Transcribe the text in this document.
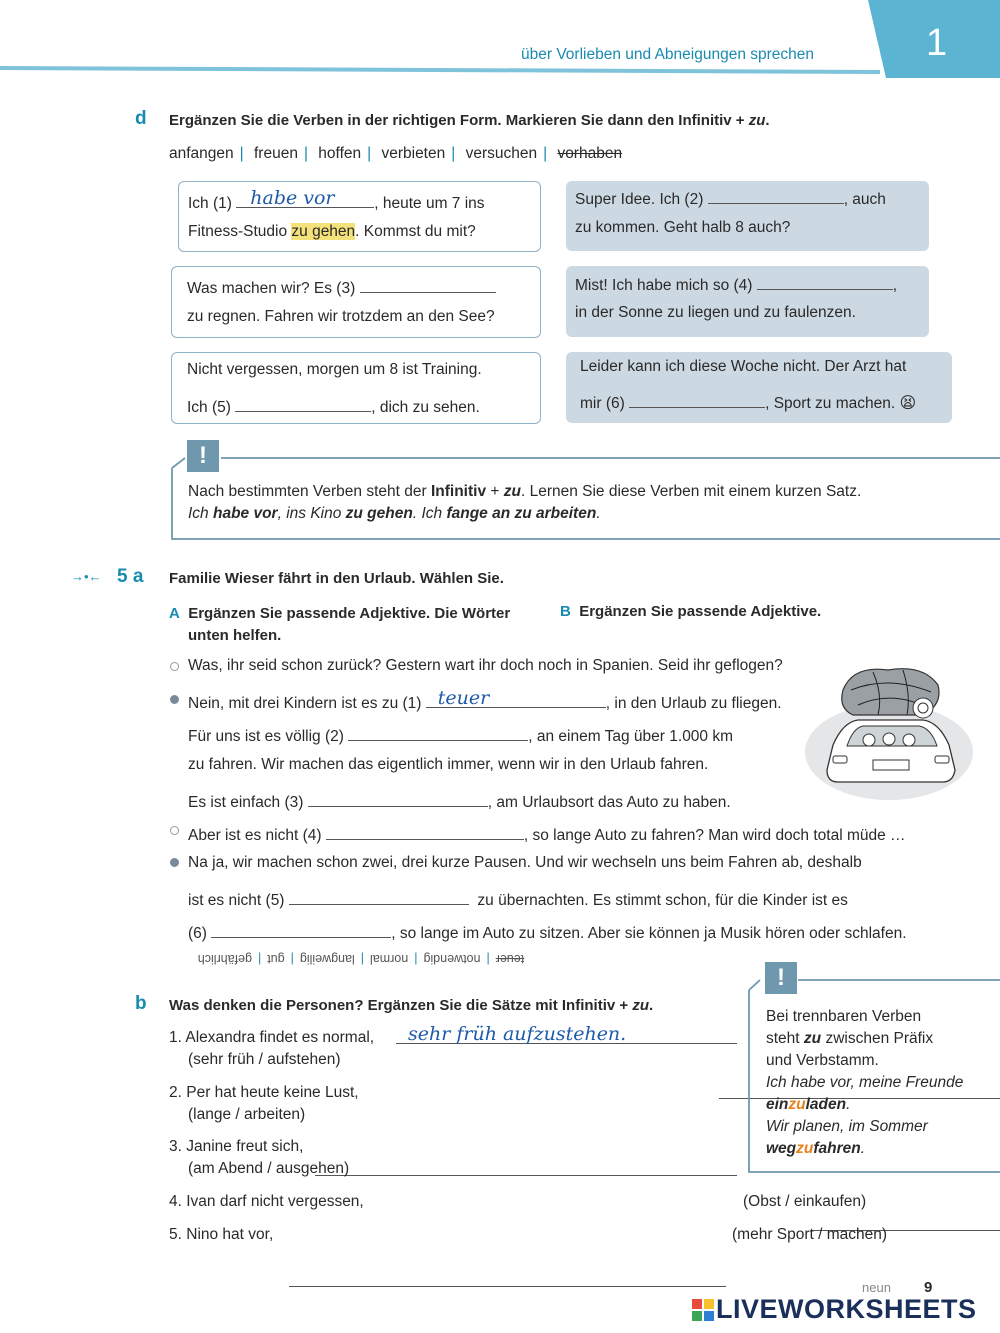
über Vorlieben und Abneigungen sprechen	1
d Ergänzen Sie die Verben in der richtigen Form. Markieren Sie dann den Infinitiv + zu.
anfangen | freuen | hoffen | verbieten | versuchen | vorhaben
Ich (1) habe vor	, heute um 7 ins
Fitness-Studio zu gehen. Kommst du mit?
Super Idee. Ich (2)	, auch
zu kommen. Geht halb 8 auch?
Was machen wir? Es (3)
zu regnen. Fahren wir trotzdem an den See?
Mist! Ich habe mich so (4)	,
in der Sonne zu liegen und zu faulenzen.
Nicht vergessen, morgen um 8 ist Training.
Ich (5)	, dich zu sehen.
Leider kann ich diese Woche nicht. Der Arzt hat
mir (6)	, Sport zu machen. 😫
!
Nach bestimmten Verben steht der Infinitiv + zu. Lernen Sie diese Verben mit einem kurzen Satz.
Ich habe vor, ins Kino zu gehen. Ich fange an zu arbeiten.
→•← 5 a Familie Wieser fährt in den Urlaub. Wählen Sie.
A Ergänzen Sie passende Adjektive. Die Wörter
unten helfen.
B Ergänzen Sie passende Adjektive.
Was, ihr seid schon zurück? Gestern wart ihr doch noch in Spanien. Seid ihr geflogen?
Nein, mit drei Kindern ist es zu (1) teuer	, in den Urlaub zu fliegen.
Für uns ist es völlig (2)	, an einem Tag über 1.000 km
zu fahren. Wir machen das eigentlich immer, wenn wir in den Urlaub fahren.
Es ist einfach (3)	, am Urlaubsort das Auto zu haben.
Aber ist es nicht (4)	, so lange Auto zu fahren? Man wird doch total müde …
Na ja, wir machen schon zwei, drei kurze Pausen. Und wir wechseln uns beim Fahren ab, deshalb
ist es nicht (5)	zu übernachten. Es stimmt schon, für die Kinder ist es
(6)	, so lange im Auto zu sitzen. Aber sie können ja Musik hören oder schlafen.
teuer|notwendig|normal|langweilig|gut|gefährlich
b Was denken die Personen? Ergänzen Sie die Sätze mit Infinitiv + zu.
1. Alexandra findet es normal, sehr früh aufzustehen.

(sehr früh / aufstehen)
2. Per hat heute keine Lust,

(lange / arbeiten)
3. Janine freut sich,

(am Abend / ausgehen)
4. Ivan darf nicht vergessen,
	(Obst / einkaufen)
5. Nino hat vor,	(mehr Sport / machen)
!
Bei trennbaren Verben
steht zu zwischen Präfix
und Verbstamm.
Ich habe vor, meine Freunde
einzuladen.
Wir planen, im Sommer
wegzufahren.
neun 9
LIVEWORKSHEETS
